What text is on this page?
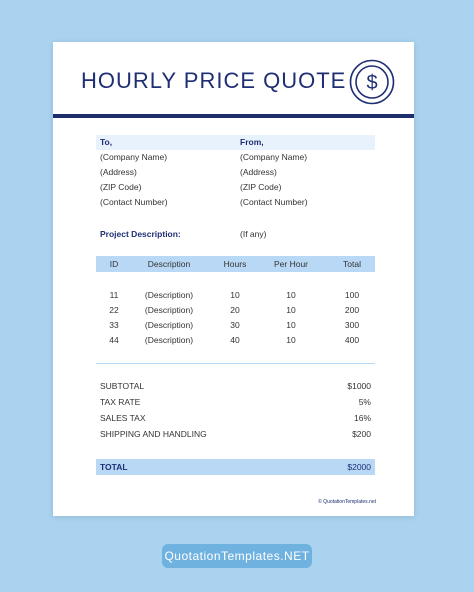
HOURLY PRICE QUOTE $
To,	From,
(Company Name)	(Company Name)
(Address)	(Address)
(ZIP Code)	(ZIP Code)
(Contact Number)	(Contact Number)
Project Description:	(If any)
ID	Description	Hours	Per Hour	Total
11	(Description)	10	10	100
22	(Description)	20	10	200
33	(Description)	30	10	300
44	(Description)	40	10	400
SUBTOTAL	$1000
TAX RATE	5%
SALES TAX	16%
SHIPPING AND HANDLING	$200
TOTAL	$2000
© QuotationTemplates.net
QuotationTemplates.NET
